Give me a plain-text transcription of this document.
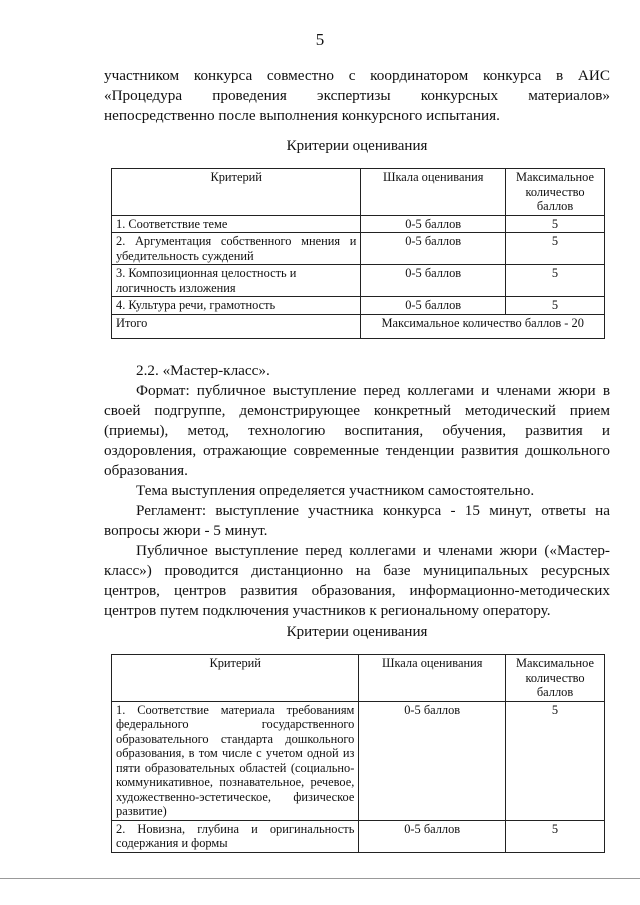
5

участником конкурса совместно с координатором конкурса в АИС

«Процедура проведения экспертизы конкурсных материалов»

непосредственно после выполнения конкурсного испытания.

Критерии оценивания
Критерий	Шкала оценивания	Максимальное количество баллов
1. Соответствие теме	0-5 баллов	5
2. Аргументация собственного мнения и убедительность суждений	0-5 баллов	5
3. Композиционная целостность и логичность изложения	0-5 баллов	5
4. Культура речи, грамотность	0-5 баллов	5
Итого	Максимальное количество баллов - 20	

2.2. «Мастер-класс».

Формат: публичное выступление перед коллегами и членами жюри в своей подгруппе, демонстрирующее конкретный методический прием (приемы), метод, технологию воспитания, обучения, развития и оздоровления, отражающие современные тенденции развития дошкольного образования.

Тема выступления определяется участником самостоятельно.

Регламент: выступление участника конкурса - 15 минут, ответы на вопросы жюри - 5 минут.

Публичное выступление перед коллегами и членами жюри («Мастер-класс») проводится дистанционно на базе муниципальных ресурсных центров, центров развития образования, информационно-методических центров путем подключения участников к региональному оператору.

Критерии оценивания
Критерий	Шкала оценивания	Максимальное количество баллов
1. Соответствие материала требованиям федерального государственного образовательного стандарта дошкольного образования, в том числе с учетом одной из пяти образовательных областей (социально-коммуникативное, познавательное, речевое, художественно-эстетическое, физическое развитие)	0-5 баллов	5
2. Новизна, глубина и оригинальность содержания и формы	0-5 баллов	5
